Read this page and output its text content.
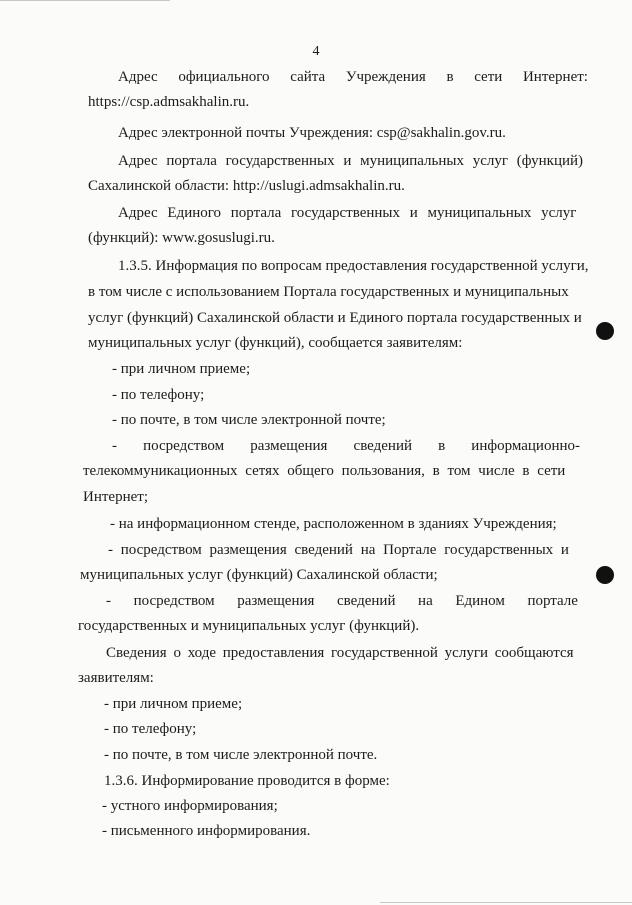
4
Адрес официального сайта Учреждения в сети Интернет:
https://csp.admsakhalin.ru.
Адрес электронной почты Учреждения: csp@sakhalin.gov.ru.
Адрес портала государственных и муниципальных услуг (функций)
Сахалинской области: http://uslugi.admsakhalin.ru.
Адрес Единого портала государственных и муниципальных услуг
(функций): www.gosuslugi.ru.
1.3.5. Информация по вопросам предоставления государственной услуги,
в том числе с использованием Портала государственных и муниципальных
услуг (функций) Сахалинской области и Единого портала государственных и
муниципальных услуг (функций), сообщается заявителям:
- при личном приеме;
- по телефону;
- по почте, в том числе электронной почте;
- посредством размещения сведений в информационно-
телекоммуникационных сетях общего пользования, в том числе в сети
Интернет;
- на информационном стенде, расположенном в зданиях Учреждения;
- посредством размещения сведений на Портале государственных и
муниципальных услуг (функций) Сахалинской области;
- посредством размещения сведений на Едином портале
государственных и муниципальных услуг (функций).
Сведения о ходе предоставления государственной услуги сообщаются
заявителям:
- при личном приеме;
- по телефону;
- по почте, в том числе электронной почте.
1.3.6. Информирование проводится в форме:
- устного информирования;
- письменного информирования.
